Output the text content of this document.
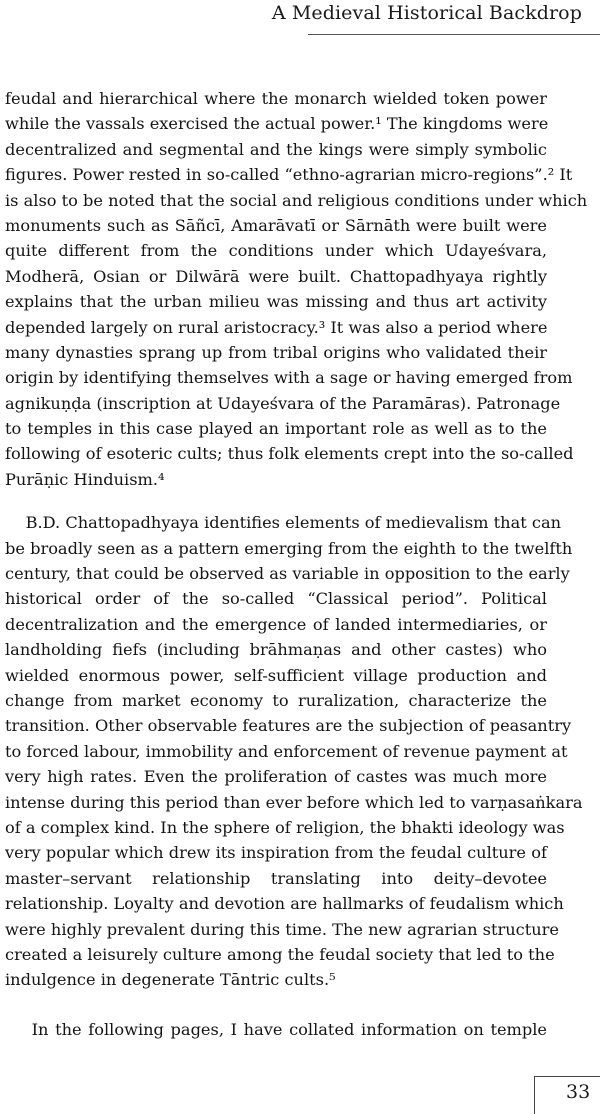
A Medieval Historical Backdrop
feudal and hierarchical where the monarch wielded token power
while the vassals exercised the actual power.¹ The kingdoms were
decentralized and segmental and the kings were simply symbolic
figures. Power rested in so-called “ethno-agrarian micro-regions”.² It
is also to be noted that the social and religious conditions under which
monuments such as Sāñcī, Amarāvatī or Sārnāth were built were
quite different from the conditions under which Udayeśvara,
Modherā, Osian or Dilwārā were built. Chattopadhyaya rightly
explains that the urban milieu was missing and thus art activity
depended largely on rural aristocracy.³ It was also a period where
many dynasties sprang up from tribal origins who validated their
origin by identifying themselves with a sage or having emerged from
agnikuṇḍa (inscription at Udayeśvara of the Paramāras). Patronage
to temples in this case played an important role as well as to the
following of esoteric cults; thus folk elements crept into the so-called
Purāṇic Hinduism.⁴
B.D. Chattopadhyaya identifies elements of medievalism that can
be broadly seen as a pattern emerging from the eighth to the twelfth
century, that could be observed as variable in opposition to the early
historical order of the so-called “Classical period”. Political
decentralization and the emergence of landed intermediaries, or
landholding fiefs (including brāhmaṇas and other castes) who
wielded enormous power, self-sufficient village production and
change from market economy to ruralization, characterize the
transition. Other observable features are the subjection of peasantry
to forced labour, immobility and enforcement of revenue payment at
very high rates. Even the proliferation of castes was much more
intense during this period than ever before which led to varṇasaṅkara
of a complex kind. In the sphere of religion, the bhakti ideology was
very popular which drew its inspiration from the feudal culture of
master–servant relationship translating into deity–devotee
relationship. Loyalty and devotion are hallmarks of feudalism which
were highly prevalent during this time. The new agrarian structure
created a leisurely culture among the feudal society that led to the
indulgence in degenerate Tāntric cults.⁵
In the following pages, I have collated information on temple
33
